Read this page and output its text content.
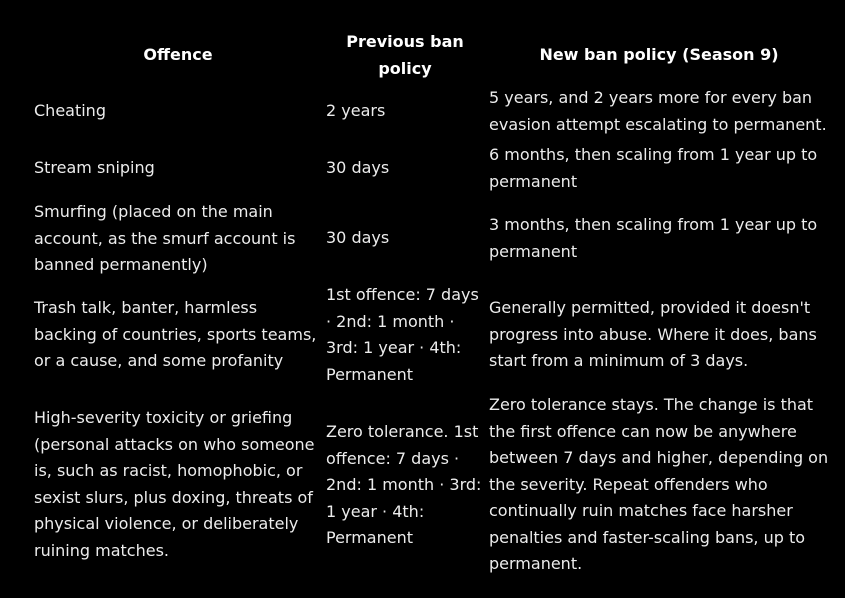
Offence
Previous ban policy
New ban policy (Season 9)
Cheating	2 years
5 years, and 2 years more for every ban evasion attempt escalating to permanent.
Stream sniping	30 days
6 months, then scaling from 1 year up to permanent
Smurfing (placed on the main account, as the smurf account is banned permanently)
30 days
3 months, then scaling from 1 year up to permanent
Trash talk, banter, harmless backing of countries, sports teams, or a cause, and some profanity
1st offence: 7 days · 2nd: 1 month · 3rd: 1 year · 4th: Permanent
Generally permitted, provided it doesn't progress into abuse. Where it does, bans start from a minimum of 3 days.
High-severity toxicity or griefing (personal attacks on who someone is, such as racist, homophobic, or sexist slurs, plus doxing, threats of physical violence, or deliberately ruining matches.
Zero tolerance. 1st offence: 7 days · 2nd: 1 month · 3rd: 1 year · 4th: Permanent
Zero tolerance stays. The change is that the first offence can now be anywhere between 7 days and higher, depending on the severity. Repeat offenders who continually ruin matches face harsher penalties and faster-scaling bans, up to permanent.
